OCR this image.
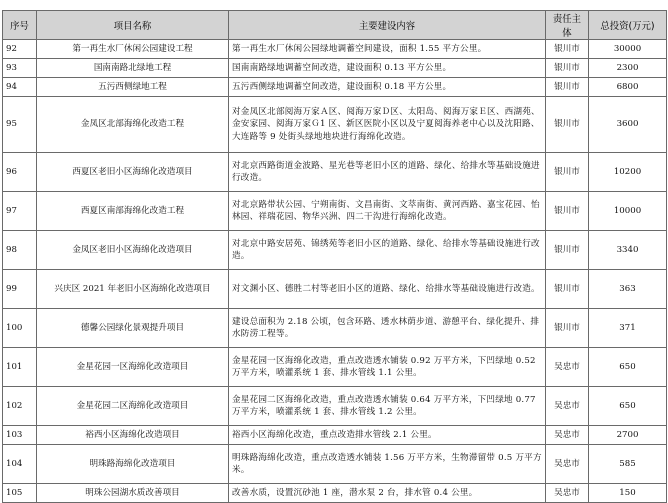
序号	项目名称	主要建设内容	责任主体	总投资(万元)
92	第一再生水厂休闲公园建设工程	第一再生水厂休闲公园绿地调蓄空间建设，面积 1.55 平方公里。	银川市	30000
93	国南南路北绿地工程	国南南路绿地调蓄空间改造，建设面积 0.13 平方公里。	银川市	2300
94	五污西侧绿地工程	五污西侧绿地调蓄空间改造，建设面积 0.18 平方公里。	银川市	6800
95	金凤区北部海绵化改造工程	对金凤区北部阅海万家Ａ区、阅海万家Ｄ区、太阳岛、阅海万家Ｅ区、西湖苑、金安家园、阅海万家Ｇ1 区、新区医院小区以及宁夏阅海养老中心以及沈阳路、大连路等 9 处街头绿地地块进行海绵化改造。	银川市	3600
96	西夏区老旧小区海绵化改造项目	对北京西路街道金波路、星光巷等老旧小区的道路、绿化、给排水等基础设施进行改造。	银川市	10200
97	西夏区南部海绵化改造工程	对北京路带状公园、宁朔南街、文昌南街、文萃南街、黄河西路、嘉宝花园、怡林园、祥瑞花园、物华兴洲、四二干沟进行海绵化改造。	银川市	10000
98	金凤区老旧小区海绵化改造项目	对北京中路安居苑、锦绣苑等老旧小区的道路、绿化、给排水等基础设施进行改造。	银川市	3340
99	兴庆区 2021 年老旧小区海绵化改造项目	对文渊小区、德胜二村等老旧小区的道路、绿化、给排水等基础设施进行改造。	银川市	363
100	德馨公园绿化景观提升项目	建设总面积为 2.18 公顷，包含环路、透水林荫步道、游憩平台、绿化提升、排水防涝工程等。	银川市	371
101	金星花园一区海绵化改造项目	金星花园一区海绵化改造，重点改造透水铺装 0.92 万平方米，下凹绿地 0.52 万平方米，喷灌系统 1 套、排水管线 1.1 公里。	吴忠市	650
102	金星花园二区海绵化改造项目	金星花园二区海绵化改造，重点改造透水铺装 0.64 万平方米，下凹绿地 0.77 万平方米，喷灌系统 1 套、排水管线 1.2 公里。	吴忠市	650
103	裕西小区海绵化改造项目	裕西小区海绵化改造，重点改造排水管线 2.1 公里。	吴忠市	2700
104	明珠路海绵化改造项目	明珠路海绵化改造，重点改造透水铺装 1.56 万平方米，生物滞留带 0.5 万平方米。	吴忠市	585
105	明珠公园湖水质改善项目	改善水质，设置沉砂池 1 座，潜水泵 2 台，排水管 0.4 公里。	吴忠市	150
